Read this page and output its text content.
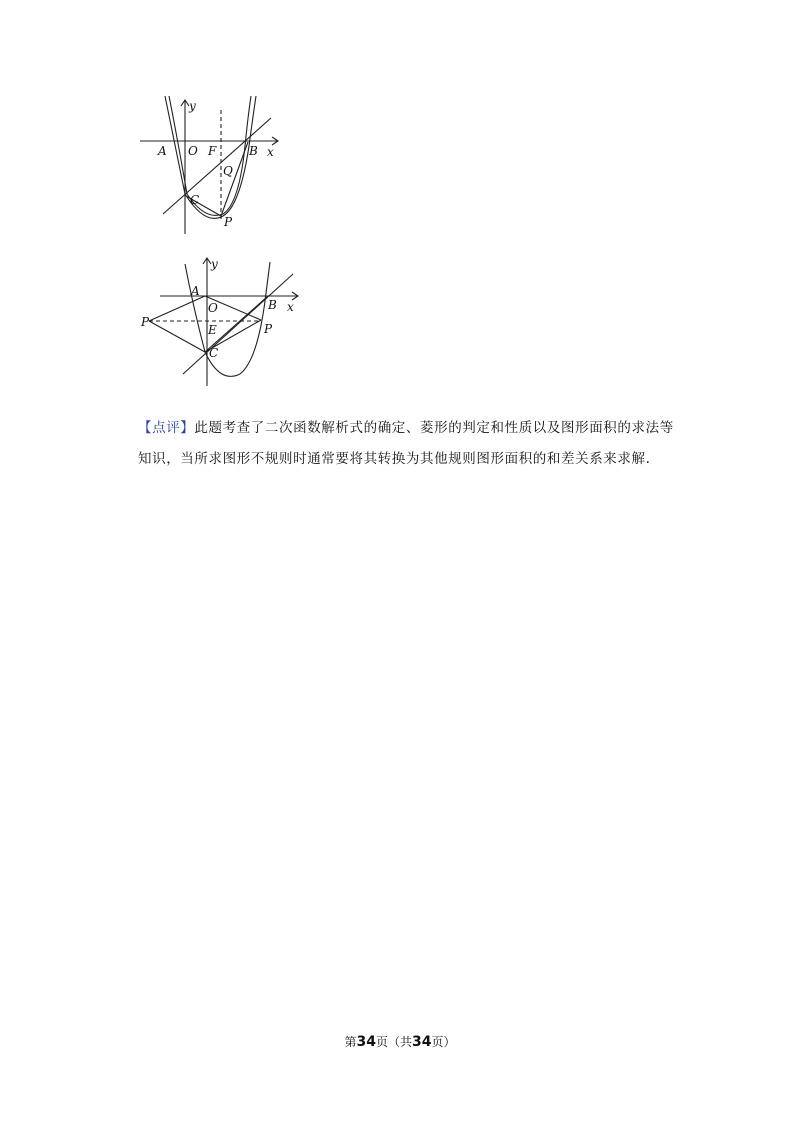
y
x
A O F	B
Q
C
P
y
x
A
O	B
P
E	P
C
【点评】此题考查了二次函数解析式的确定、菱形的判定和性质以及图形面积的求法等知识，当所求图形不规则时通常要将其转换为其他规则图形面积的和差关系来求解.
第34页（共34页）
